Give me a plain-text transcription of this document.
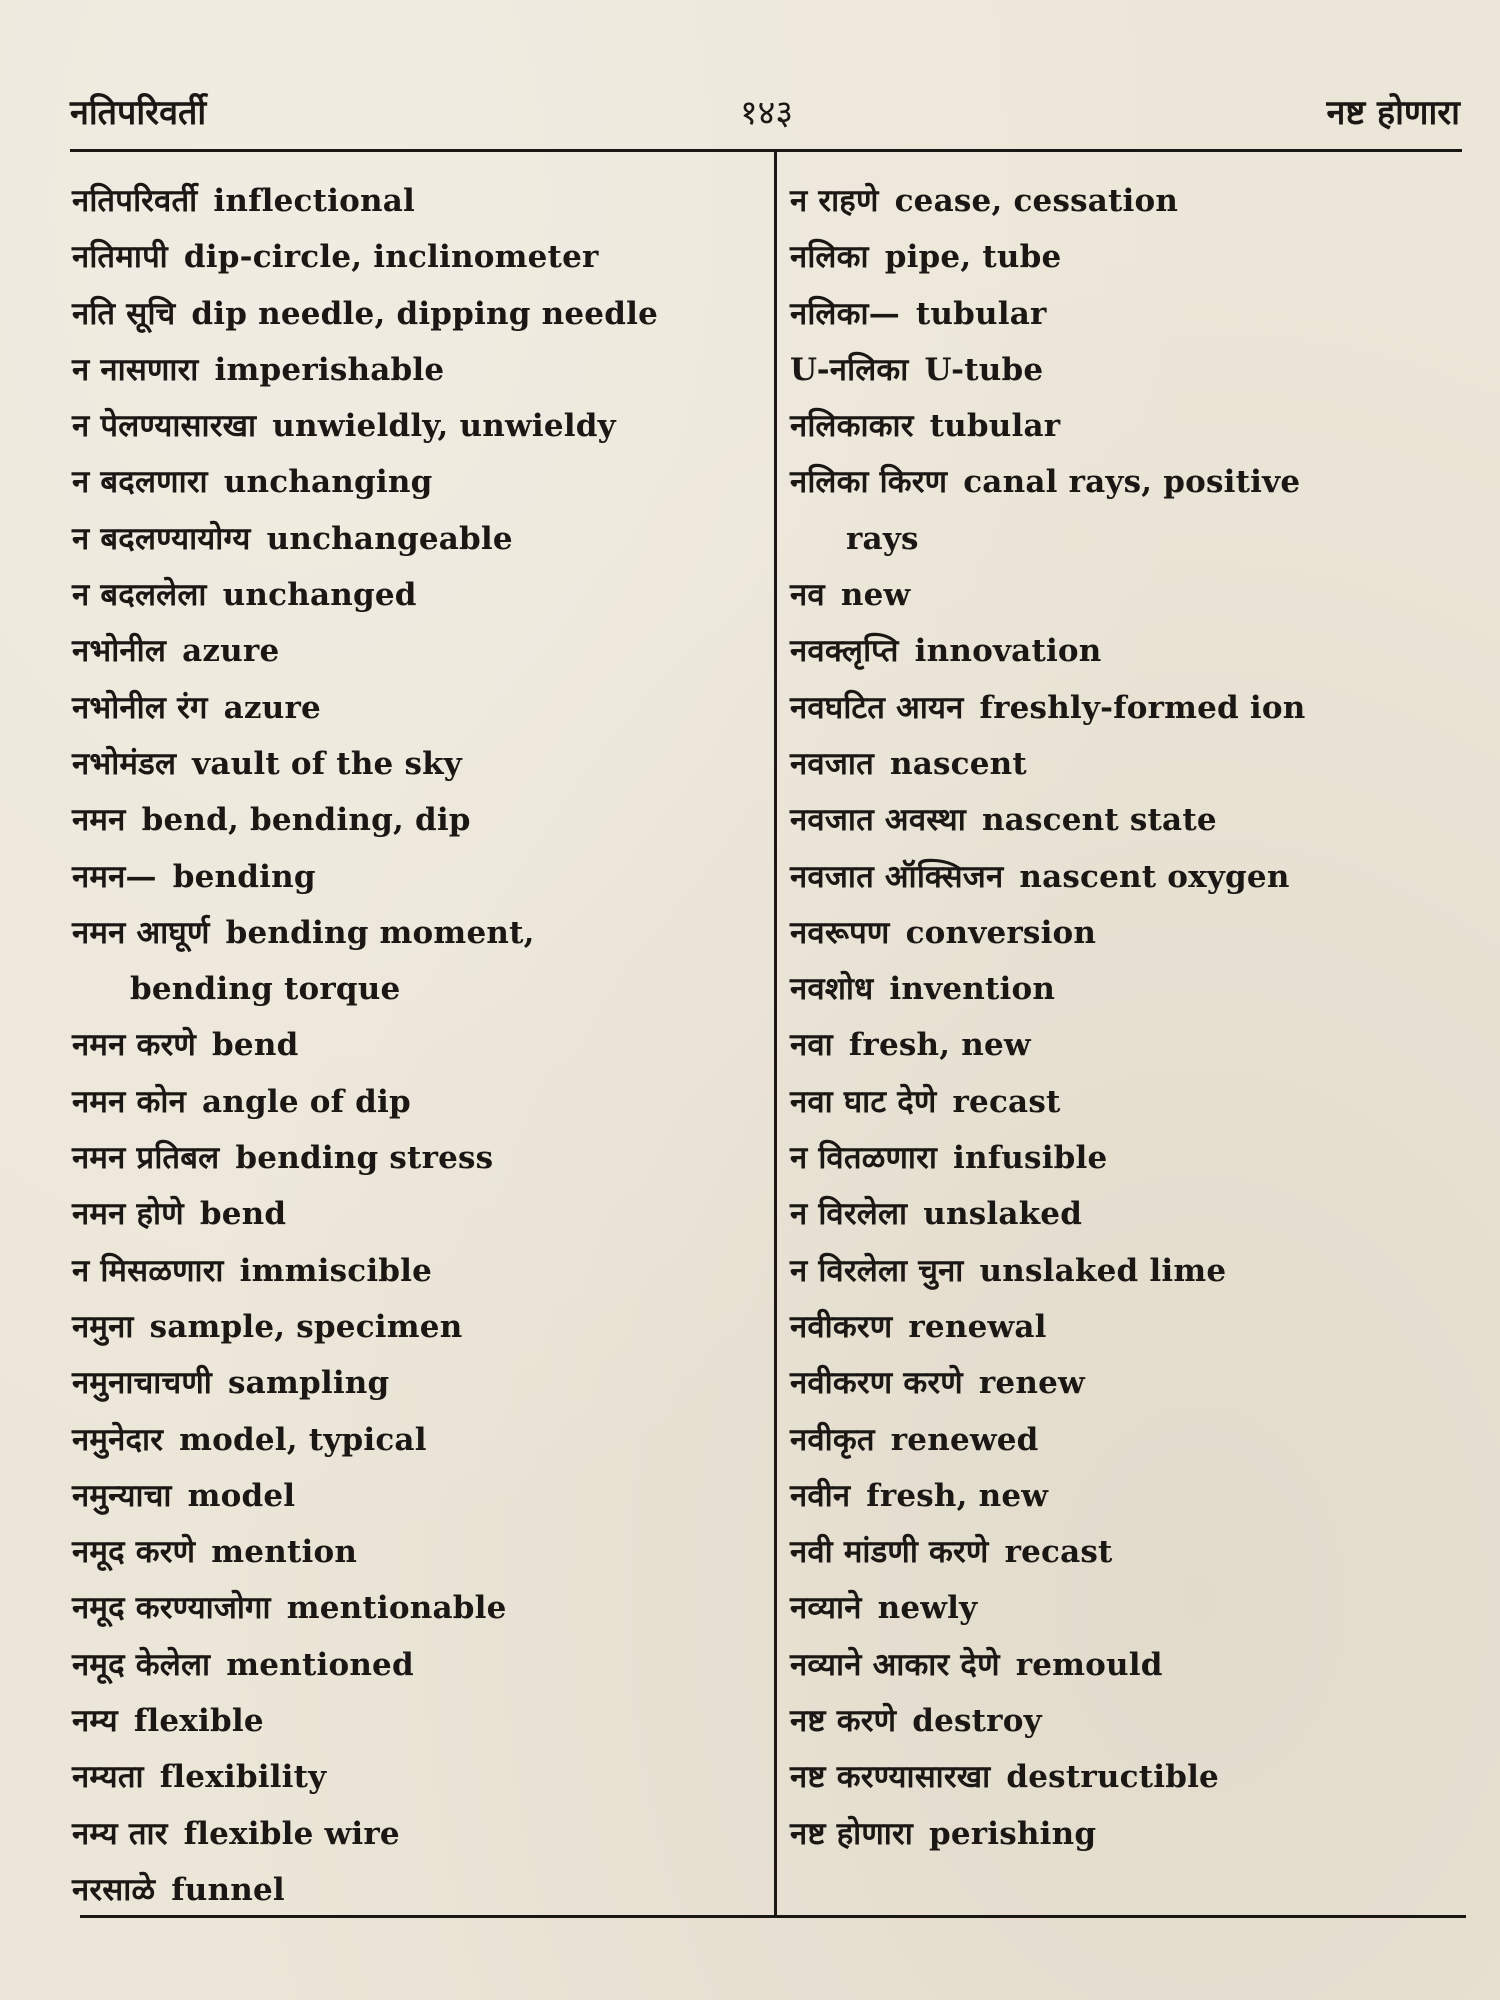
नतिपरिवर्ती	१४३	नष्ट होणारा
नतिपरिवर्ती inflectional
नतिमापी dip-circle, inclinometer
नति सूचि dip needle, dipping needle
न नासणारा imperishable
न पेलण्यासारखा unwieldly, unwieldy
न बदलणारा unchanging
न बदलण्यायोग्य unchangeable
न बदललेला unchanged
नभोनील azure
नभोनील रंग azure
नभोमंडल vault of the sky
नमन bend, bending, dip
नमन— bending
नमन आघूर्ण bending moment,
bending torque
नमन करणे bend
नमन कोन angle of dip
नमन प्रतिबल bending stress
नमन होणे bend
न मिसळणारा immiscible
नमुना sample, specimen
नमुनाचाचणी sampling
नमुनेदार model, typical
नमुन्याचा model
नमूद करणे mention
नमूद करण्याजोगा mentionable
नमूद केलेला mentioned
नम्य flexible
नम्यता flexibility
नम्य तार flexible wire
नरसाळे funnel
न राहणे cease, cessation
नलिका pipe, tube
नलिका— tubular
U-नलिका U-tube
नलिकाकार tubular
नलिका किरण canal rays, positive
rays
नव new
नवक्लृप्ति innovation
नवघटित आयन freshly-formed ion
नवजात nascent
नवजात अवस्था nascent state
नवजात ऑक्सिजन nascent oxygen
नवरूपण conversion
नवशोध invention
नवा fresh, new
नवा घाट देणे recast
न वितळणारा infusible
न विरलेला unslaked
न विरलेला चुना unslaked lime
नवीकरण renewal
नवीकरण करणे renew
नवीकृत renewed
नवीन fresh, new
नवी मांडणी करणे recast
नव्याने newly
नव्याने आकार देणे remould
नष्ट करणे destroy
नष्ट करण्यासारखा destructible
नष्ट होणारा perishing
